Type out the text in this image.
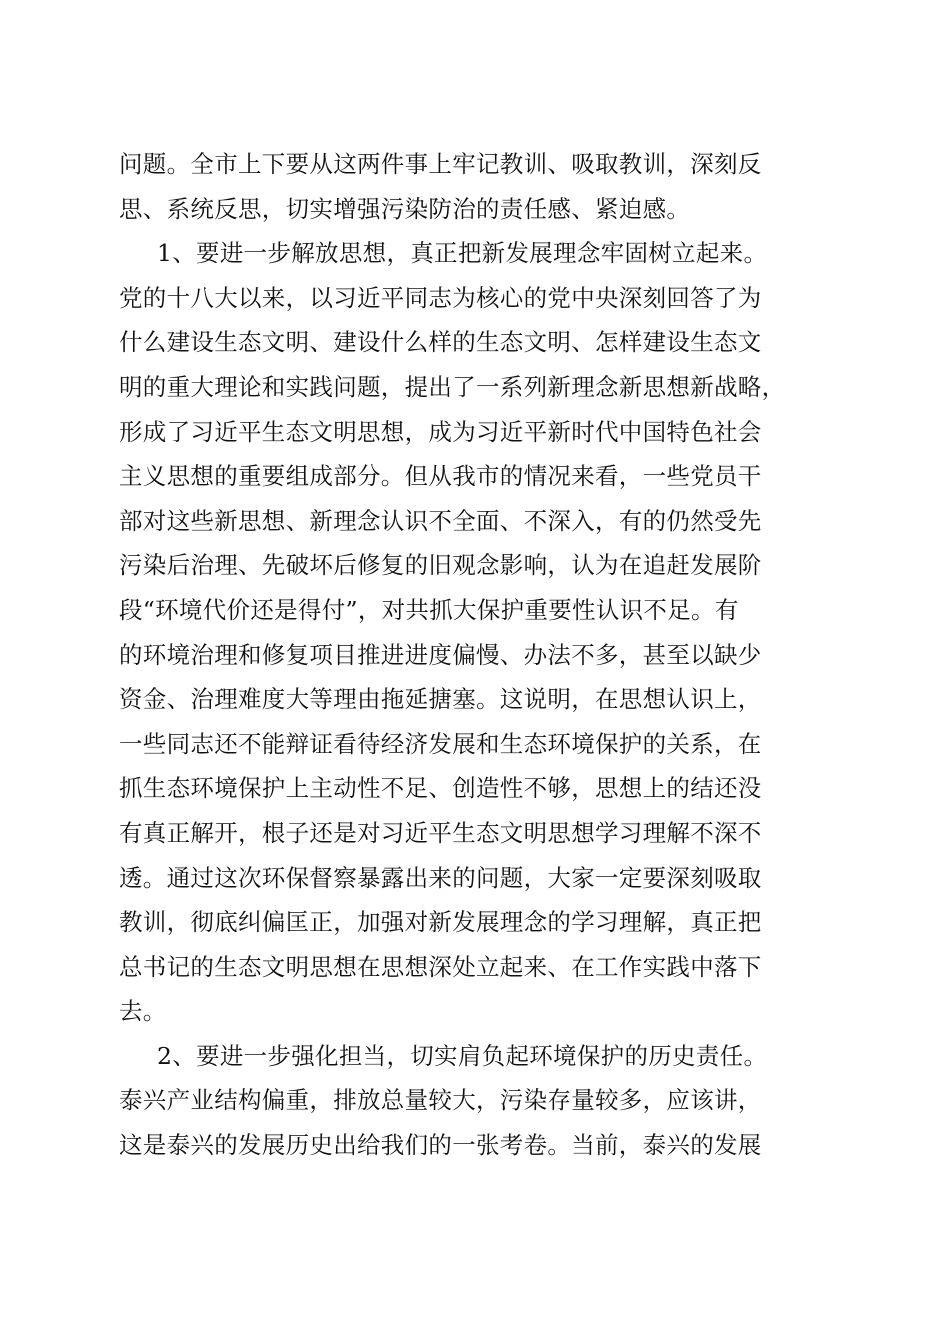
问题。全市上下要从这两件事上牢记教训、吸取教训，深刻反
思、系统反思，切实增强污染防治的责任感、紧迫感。
1、要进一步解放思想，真正把新发展理念牢固树立起来。
党的十八大以来，以习近平同志为核心的党中央深刻回答了为
什么建设生态文明、建设什么样的生态文明、怎样建设生态文
明的重大理论和实践问题，提出了一系列新理念新思想新战略，
形成了习近平生态文明思想，成为习近平新时代中国特色社会
主义思想的重要组成部分。但从我市的情况来看，一些党员干
部对这些新思想、新理念认识不全面、不深入，有的仍然受先
污染后治理、先破坏后修复的旧观念影响，认为在追赶发展阶
段“环境代价还是得付”，对共抓大保护重要性认识不足。有
的环境治理和修复项目推进进度偏慢、办法不多，甚至以缺少
资金、治理难度大等理由拖延搪塞。这说明，在思想认识上，
一些同志还不能辩证看待经济发展和生态环境保护的关系，在
抓生态环境保护上主动性不足、创造性不够，思想上的结还没
有真正解开，根子还是对习近平生态文明思想学习理解不深不
透。通过这次环保督察暴露出来的问题，大家一定要深刻吸取
教训，彻底纠偏匡正，加强对新发展理念的学习理解，真正把
总书记的生态文明思想在思想深处立起来、在工作实践中落下
去。
2、要进一步强化担当，切实肩负起环境保护的历史责任。
泰兴产业结构偏重，排放总量较大，污染存量较多，应该讲，
这是泰兴的发展历史出给我们的一张考卷。当前，泰兴的发展
